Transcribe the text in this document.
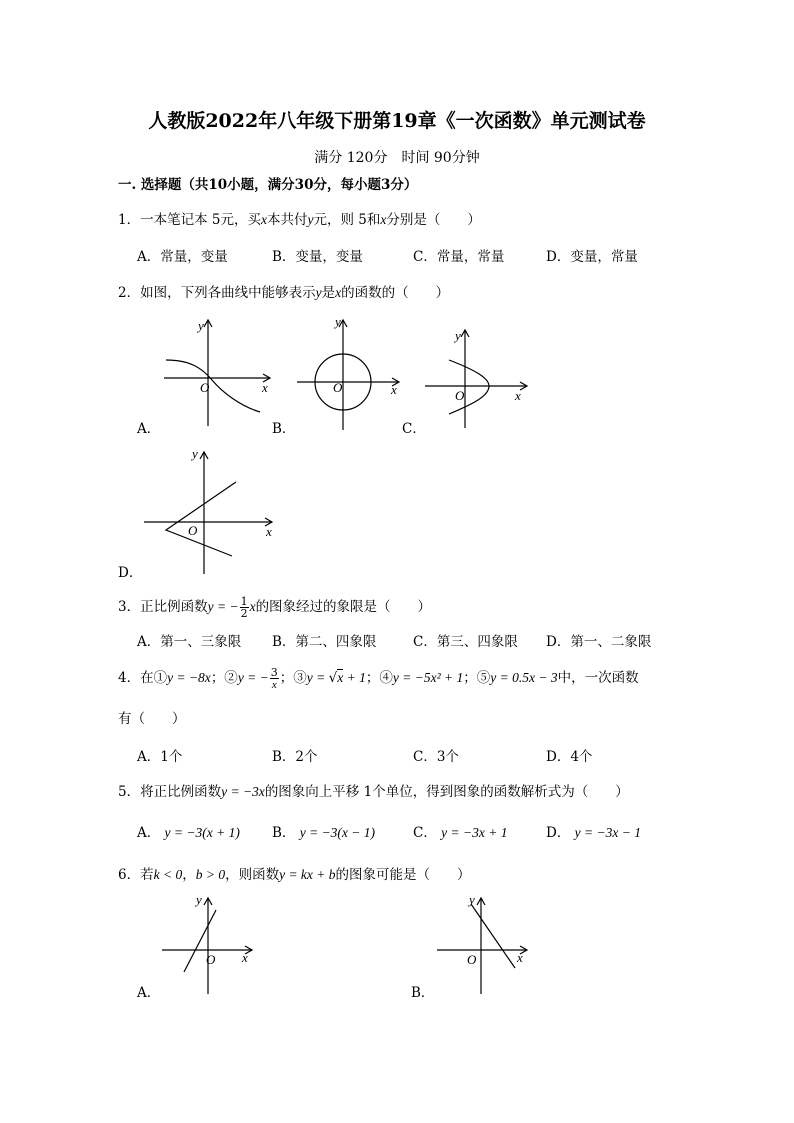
人教版2022年八年级下册第19章《一次函数》单元测试卷
满分 120分　时间 90分钟
一. 选择题（共10小题，满分30分，每小题3分）
1．一本笔记本 5元，买x本共付y元，则 5和x分别是（　　）
A．常量，变量	B．变量，变量	C．常量，常量	D．变量，常量
2．如图，下列各曲线中能够表示y是x的函数的（　　）
y
x
O
A．
y
x
O
B．
y
x
O
C．
y
x
O
D．
3．正比例函数y = − $\frac{1}{2}$ x的图象经过的象限是（　　）
A．第一、三象限 B．第二、四象限	C．第三、四象限 D．第一、二象限
4．在①y = −8x；②y = − $\frac{3}{x}$；③y = √x + 1；④y = −5x² + 1；⑤y = 0.5x − 3中，一次函数
有（　　）
A．1个	B．2个	C．3个	D．4个
5．将正比例函数y = −3x的图象向上平移 1个单位，得到图象的函数解析式为（　　）
A． y = −3(x + 1) B． y = −3(x − 1)	C． y = −3x + 1	D． y = −3x − 1
6．若k < 0，b > 0，则函数y = kx + b的图象可能是（　　）
y
x
O
A．
y
x
O
B．
